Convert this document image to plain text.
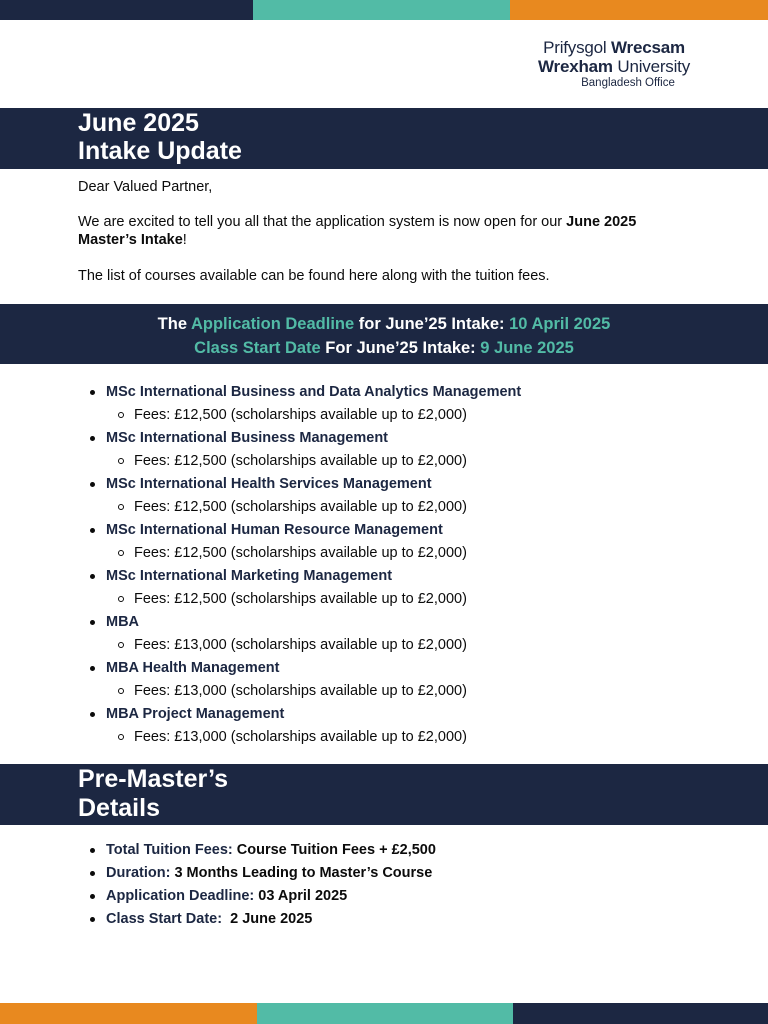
Prifysgol Wrecsam
Wrexham University
Bangladesh Office
June 2025
Intake Update
Dear Valued Partner,
We are excited to tell you all that the application system is now open for our June 2025
Master’s Intake!
The list of courses available can be found here along with the tuition fees.
The Application Deadline for June’25 Intake: 10 April 2025
Class Start Date For June’25 Intake: 9 June 2025
MSc International Business and Data Analytics Management
Fees: £12,500 (scholarships available up to £2,000)
MSc International Business Management
Fees: £12,500 (scholarships available up to £2,000)
MSc International Health Services Management
Fees: £12,500 (scholarships available up to £2,000)
MSc International Human Resource Management
Fees: £12,500 (scholarships available up to £2,000)
MSc International Marketing Management
Fees: £12,500 (scholarships available up to £2,000)
MBA
Fees: £13,000 (scholarships available up to £2,000)
MBA Health Management
Fees: £13,000 (scholarships available up to £2,000)
MBA Project Management
Fees: £13,000 (scholarships available up to £2,000)
Pre-Master’s
Details
Total Tuition Fees: Course Tuition Fees + £2,500
Duration: 3 Months Leading to Master’s Course
Application Deadline: 03 April 2025
Class Start Date:  2 June 2025
